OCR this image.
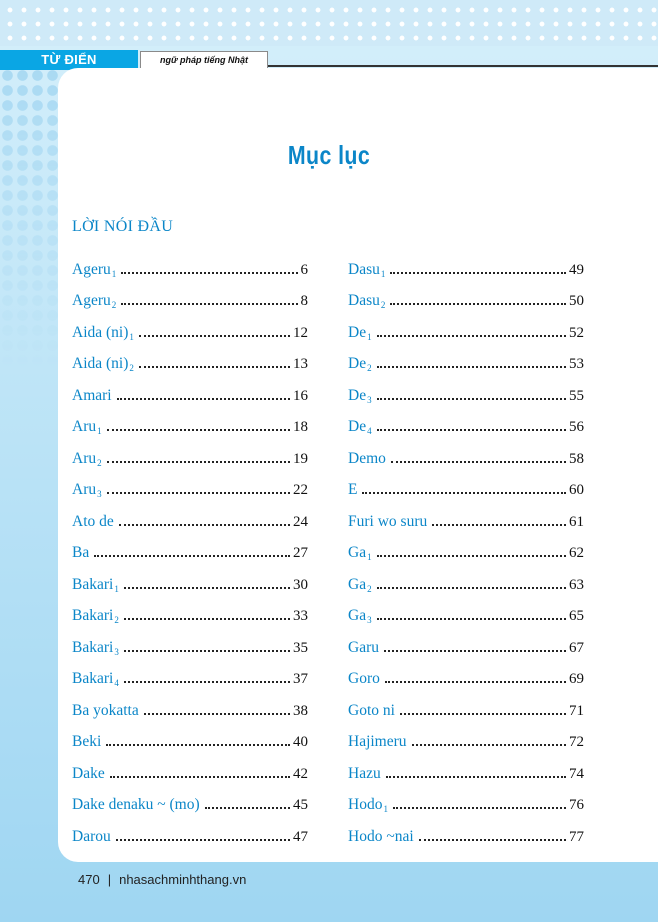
TỪ ĐIỂN	ngữ pháp tiếng Nhật
Mục lục
LỜI NÓI ĐẦU
Ageru$_1$	6
Ageru$_2$	8
Aida $(ni)_1$	12
Aida $(ni)_2$	13
Amari	16
Aru$_1$	18
Aru$_2$	19
Aru$_3$	22
Ato de	24
Ba	27
Bakari$_1$	30
Bakari$_2$	33
Bakari$_3$	35
Bakari$_4$	37
Ba yokatta	38
Beki	40
Dake	42
Dake denaku ~ (mo)	45
Darou	47
Dasu$_1$	49
Dasu$_2$	50
$De_1$	52
$De_2$	53
$De_3$	55
$De_4$	56
Demo	58
E	60
Furi wo suru	61
$Ga_1$	62
$Ga_2$	63
$Ga_3$	65
Garu	67
Goro	69
Goto ni	71
Hajimeru	72
Hazu	74
Hodo$_1$	76
Hodo ~nai	77
470 | nhasachminhthang.vn
